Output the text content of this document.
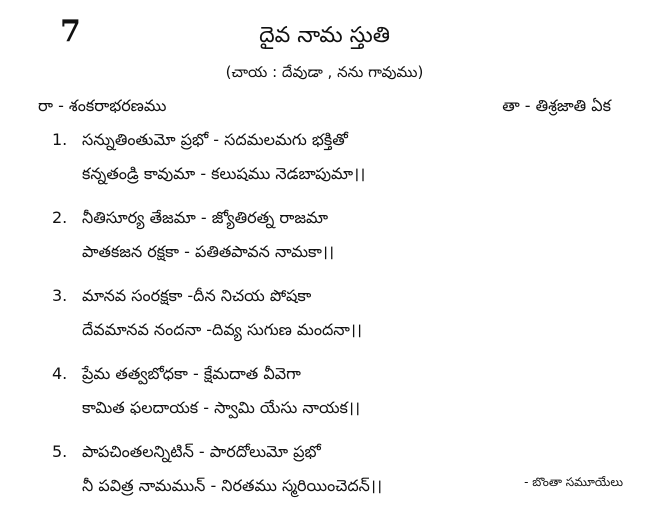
7	దైవ నామ స్తుతి
(చాయ : దేవుడా , నను గావుము)
రా - శంకరాభరణము	తా - తిశ్రజాతి ఏక
1. సన్నుతింతుమో ప్రభో - సదమలమగు భక్తితో
కన్నతండ్రి కావుమా - కలుషము నెడబాపుమా।।
2. నీతిసూర్య తేజమా - జ్యోతిరత్న రాజమా
పాతకజన రక్షకా - పతితపావన నామకా।।
3. మానవ సంరక్షకా -దీన నిచయ పోషకా
దేవమానవ నందనా -దివ్య సుగుణ మందనా।।
4. ప్రేమ తత్వబోధకా - క్షేమదాత వీవెగా
కామిత ఫలదాయక - స్వామి యేసు నాయక।।
5. పాపచింతలన్నిటిన్ - పారదోలుమో ప్రభో
నీ పవిత్ర నామమున్ - నిరతము స్మరియించెదన్।।	- బొంతా సమూయేలు
